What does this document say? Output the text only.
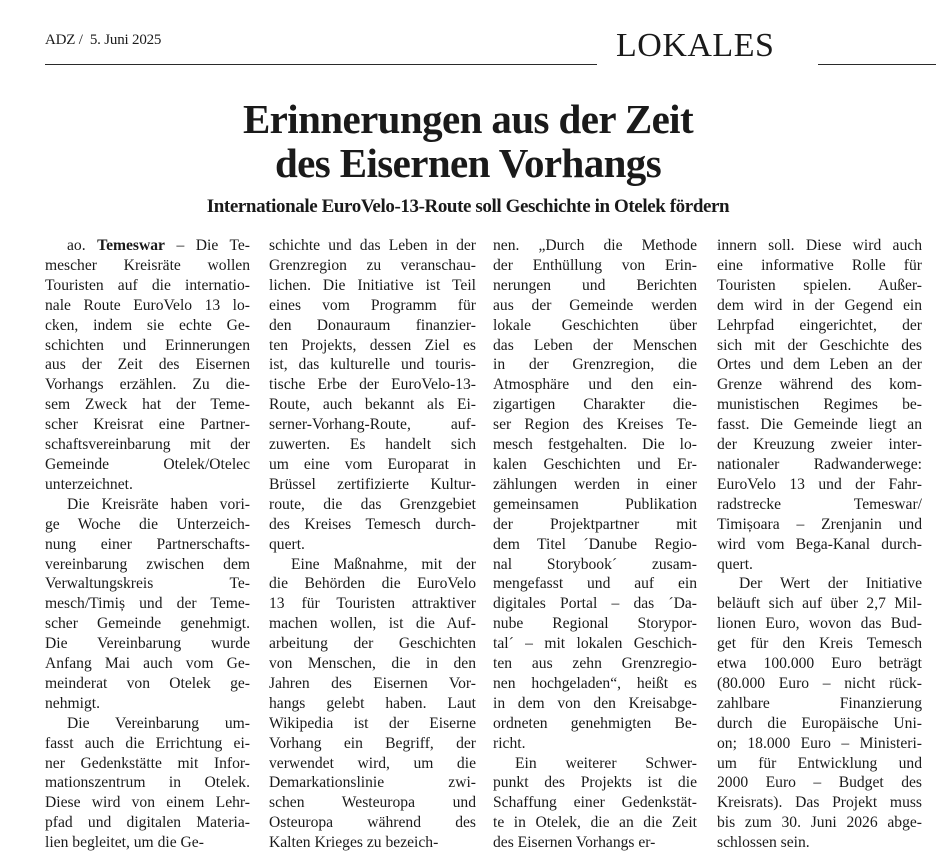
ADZ / 5. Juni 2025	LOKALES
Erinnerungen aus der Zeit
des Eisernen Vorhangs
Internationale EuroVelo-13-Route soll Geschichte in Otelek fördern
ao. Temeswar – Die Te-
mescher Kreisräte wollen
Touristen auf die internatio-
nale Route EuroVelo 13 lo-
cken, indem sie echte Ge-
schichten und Erinnerungen
aus der Zeit des Eisernen
Vorhangs erzählen. Zu die-
sem Zweck hat der Teme-
scher Kreisrat eine Partner-
schaftsvereinbarung mit der
Gemeinde Otelek/Otelec
unterzeichnet.
Die Kreisräte haben vori-
ge Woche die Unterzeich-
nung einer Partnerschafts-
vereinbarung zwischen dem
Verwaltungskreis Te-
mesch/Timiș und der Teme-
scher Gemeinde genehmigt.
Die Vereinbarung wurde
Anfang Mai auch vom Ge-
meinderat von Otelek ge-
nehmigt.
Die Vereinbarung um-
fasst auch die Errichtung ei-
ner Gedenkstätte mit Infor-
mationszentrum in Otelek.
Diese wird von einem Lehr-
pfad und digitalen Materia-
lien begleitet, um die Ge-
schichte und das Leben in der
Grenzregion zu veranschau-
lichen. Die Initiative ist Teil
eines vom Programm für
den Donauraum finanzier-
ten Projekts, dessen Ziel es
ist, das kulturelle und touris-
tische Erbe der EuroVelo-13-
Route, auch bekannt als Ei-
serner-Vorhang-Route, auf-
zuwerten. Es handelt sich
um eine vom Europarat in
Brüssel zertifizierte Kultur-
route, die das Grenzgebiet
des Kreises Temesch durch-
quert.
Eine Maßnahme, mit der
die Behörden die EuroVelo
13 für Touristen attraktiver
machen wollen, ist die Auf-
arbeitung der Geschichten
von Menschen, die in den
Jahren des Eisernen Vor-
hangs gelebt haben. Laut
Wikipedia ist der Eiserne
Vorhang ein Begriff, der
verwendet wird, um die
Demarkationslinie zwi-
schen Westeuropa und
Osteuropa während des
Kalten Krieges zu bezeich-
nen. „Durch die Methode
der Enthüllung von Erin-
nerungen und Berichten
aus der Gemeinde werden
lokale Geschichten über
das Leben der Menschen
in der Grenzregion, die
Atmosphäre und den ein-
zigartigen Charakter die-
ser Region des Kreises Te-
mesch festgehalten. Die lo-
kalen Geschichten und Er-
zählungen werden in einer
gemeinsamen Publikation
der Projektpartner mit
dem Titel ´Danube Regio-
nal Storybook´ zusam-
mengefasst und auf ein
digitales Portal – das ´Da-
nube Regional Storypor-
tal´ – mit lokalen Geschich-
ten aus zehn Grenzregio-
nen hochgeladen“, heißt es
in dem von den Kreisabge-
ordneten genehmigten Be-
richt.
Ein weiterer Schwer-
punkt des Projekts ist die
Schaffung einer Gedenkstät-
te in Otelek, die an die Zeit
des Eisernen Vorhangs er-
innern soll. Diese wird auch
eine informative Rolle für
Touristen spielen. Außer-
dem wird in der Gegend ein
Lehrpfad eingerichtet, der
sich mit der Geschichte des
Ortes und dem Leben an der
Grenze während des kom-
munistischen Regimes be-
fasst. Die Gemeinde liegt an
der Kreuzung zweier inter-
nationaler Radwanderwege:
EuroVelo 13 und der Fahr-
radstrecke Temeswar/
Timișoara – Zrenjanin und
wird vom Bega-Kanal durch-
quert.
Der Wert der Initiative
beläuft sich auf über 2,7 Mil-
lionen Euro, wovon das Bud-
get für den Kreis Temesch
etwa 100.000 Euro beträgt
(80.000 Euro – nicht rück-
zahlbare Finanzierung
durch die Europäische Uni-
on; 18.000 Euro – Ministeri-
um für Entwicklung und
2000 Euro – Budget des
Kreisrats). Das Projekt muss
bis zum 30. Juni 2026 abge-
schlossen sein.
